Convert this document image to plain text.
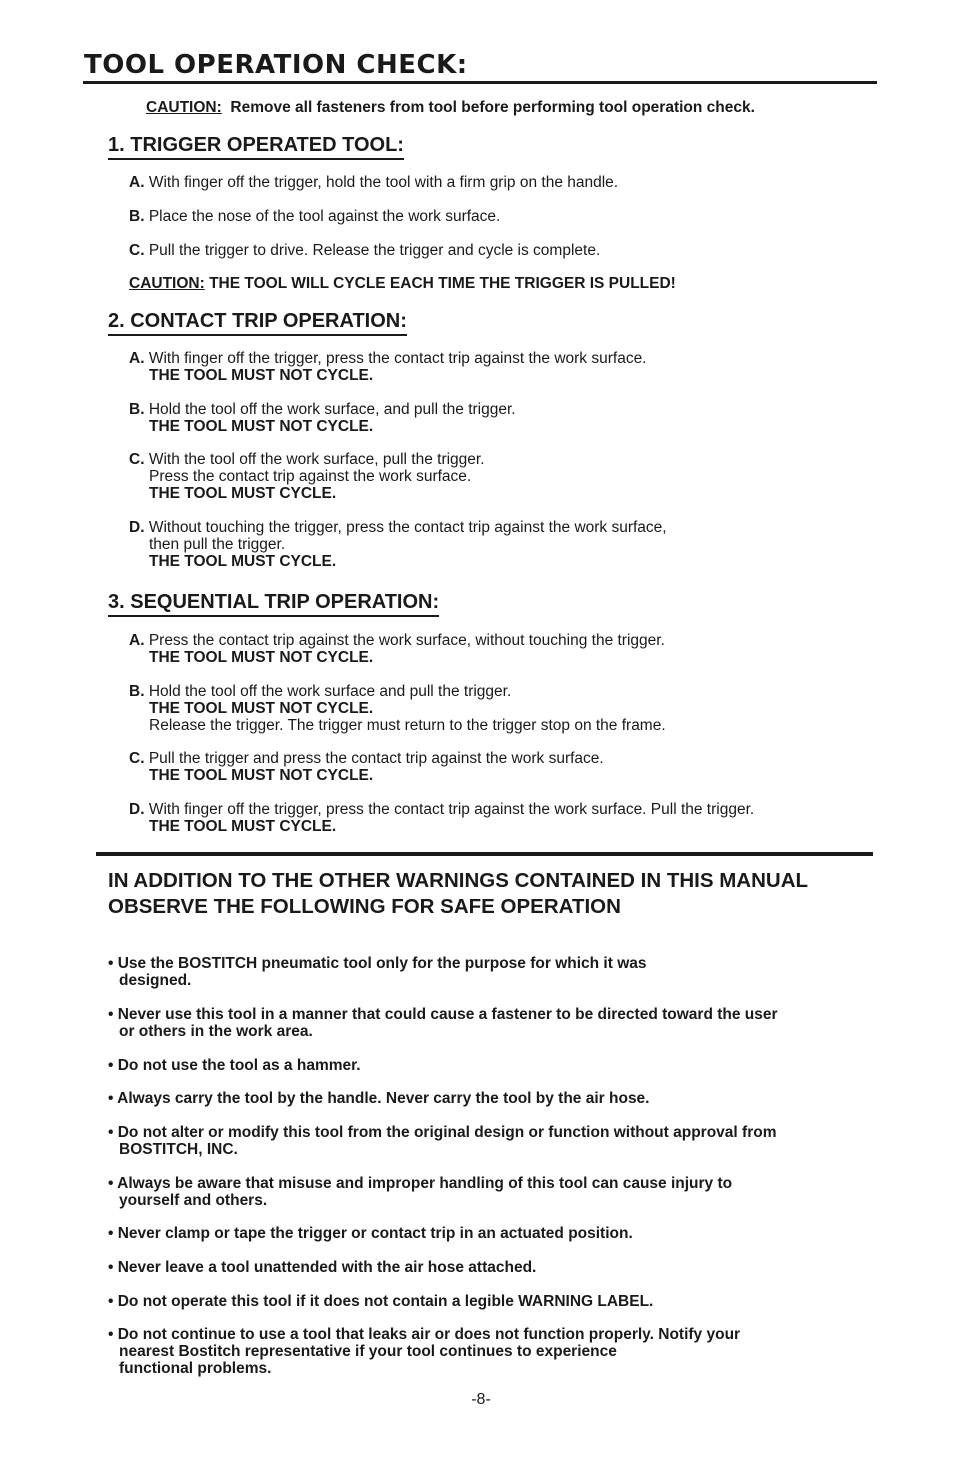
TOOL OPERATION CHECK:

CAUTION: Remove all fasteners from tool before performing tool operation check.

1. TRIGGER OPERATED TOOL:

A. With finger off the trigger, hold the tool with a firm grip on the handle.

B. Place the nose of the tool against the work surface.

C. Pull the trigger to drive. Release the trigger and cycle is complete.

CAUTION: THE TOOL WILL CYCLE EACH TIME THE TRIGGER IS PULLED!

2. CONTACT TRIP OPERATION:

A. With finger off the trigger, press the contact trip against the work surface.
THE TOOL MUST NOT CYCLE.

B. Hold the tool off the work surface, and pull the trigger.
THE TOOL MUST NOT CYCLE.

C. With the tool off the work surface, pull the trigger.
Press the contact trip against the work surface.
THE TOOL MUST CYCLE.

D. Without touching the trigger, press the contact trip against the work surface,
then pull the trigger.
THE TOOL MUST CYCLE.

3. SEQUENTIAL TRIP OPERATION:

A. Press the contact trip against the work surface, without touching the trigger.
THE TOOL MUST NOT CYCLE.

B. Hold the tool off the work surface and pull the trigger.
THE TOOL MUST NOT CYCLE.
Release the trigger. The trigger must return to the trigger stop on the frame.

C. Pull the trigger and press the contact trip against the work surface.
THE TOOL MUST NOT CYCLE.

D. With finger off the trigger, press the contact trip against the work surface. Pull the trigger.
THE TOOL MUST CYCLE.

IN ADDITION TO THE OTHER WARNINGS CONTAINED IN THIS MANUAL
OBSERVE THE FOLLOWING FOR SAFE OPERATION

• Use the BOSTITCH pneumatic tool only for the purpose for which it was
designed.

• Never use this tool in a manner that could cause a fastener to be directed toward the user
or others in the work area.

• Do not use the tool as a hammer.

• Always carry the tool by the handle. Never carry the tool by the air hose.

• Do not alter or modify this tool from the original design or function without approval from
BOSTITCH, INC.

• Always be aware that misuse and improper handling of this tool can cause injury to
yourself and others.

• Never clamp or tape the trigger or contact trip in an actuated position.

• Never leave a tool unattended with the air hose attached.

• Do not operate this tool if it does not contain a legible WARNING LABEL.

• Do not continue to use a tool that leaks air or does not function properly. Notify your
nearest Bostitch representative if your tool continues to experience
functional problems.

-8-
